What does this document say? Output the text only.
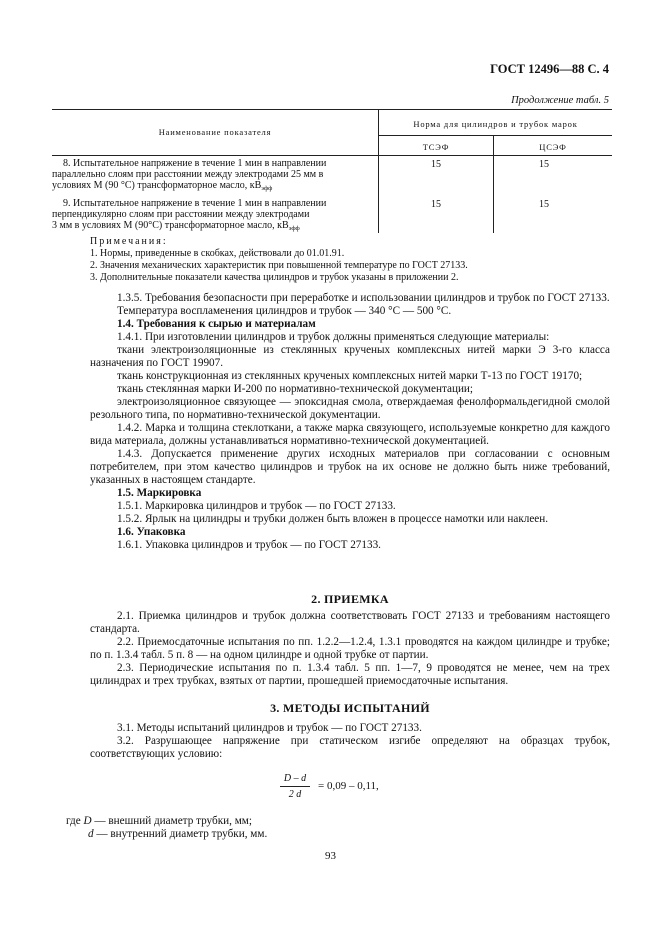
ГОСТ 12496—88 С. 4
Продолжение табл. 5
Наименование показателя
Норма для цилиндров и трубок марок
ТСЭФ	ЦСЭФ
8. Испытательное напряжение в течение 1 мин в направлении
параллельно слоям при расстоянии между электродами 25 мм в
условиях М (90 °С) трансформаторное масло, $кВ_{эфф}$
15	15
9. Испытательное напряжение в течение 1 мин в направлении
перпендикулярно слоям при расстоянии между электродами
3 мм в условиях М (90°С) трансформаторное масло, $кВ_{эфф}$
15	15
Примечания:
1. Нормы, приведенные в скобках, действовали до 01.01.91.
2. Значения механических характеристик при повышенной температуре по ГОСТ 27133.
3. Дополнительные показатели качества цилиндров и трубок указаны в приложении 2.
1.3.5. Требования безопасности при переработке и использовании цилиндров и трубок по ГОСТ 27133.
Температура воспламенения цилиндров и трубок — 340 °С — 500 °С.
1.4. Требования к сырью и материалам
1.4.1. При изготовлении цилиндров и трубок должны применяться следующие материалы:
ткани электроизоляционные из стеклянных крученых комплексных нитей марки Э 3-го класса назначения по ГОСТ 19907.
ткань конструкционная из стеклянных крученых комплексных нитей марки Т-13 по ГОСТ 19170;
ткань стеклянная марки И-200 по нормативно-технической документации;
электроизоляционное связующее — эпоксидная смола, отверждаемая фенолформальдегидной смолой резольного типа, по нормативно-технической документации.
1.4.2. Марка и толщина стеклоткани, а также марка связующего, используемые конкретно для каждого вида материала, должны устанавливаться нормативно-технической документацией.
1.4.3. Допускается применение других исходных материалов при согласовании с основным потребителем, при этом качество цилиндров и трубок на их основе не должно быть ниже требований, указанных в настоящем стандарте.
1.5. Маркировка
1.5.1. Маркировка цилиндров и трубок — по ГОСТ 27133.
1.5.2. Ярлык на цилиндры и трубки должен быть вложен в процессе намотки или наклеен.
1.6. Упаковка
1.6.1. Упаковка цилиндров и трубок — по ГОСТ 27133.
2. ПРИЕМКА
2.1. Приемка цилиндров и трубок должна соответствовать ГОСТ 27133 и требованиям настоящего стандарта.
2.2. Приемосдаточные испытания по пп. 1.2.2—1.2.4, 1.3.1 проводятся на каждом цилиндре и трубке; по п. 1.3.4 табл. 5 п. 8 — на одном цилиндре и одной трубке от партии.
2.3. Периодические испытания по п. 1.3.4 табл. 5 пп. 1—7, 9 проводятся не менее, чем на трех цилиндрах и трех трубках, взятых от партии, прошедшей приемосдаточные испытания.
3. МЕТОДЫ ИСПЫТАНИЙ
3.1. Методы испытаний цилиндров и трубок — по ГОСТ 27133.
3.2. Разрушающее напряжение при статическом изгибе определяют на образцах трубок, соответствующих условию:
D – d
2 d
= 0,09 – 0,11,
где D — внешний диаметр трубки, мм;
d — внутренний диаметр трубки, мм.
93
